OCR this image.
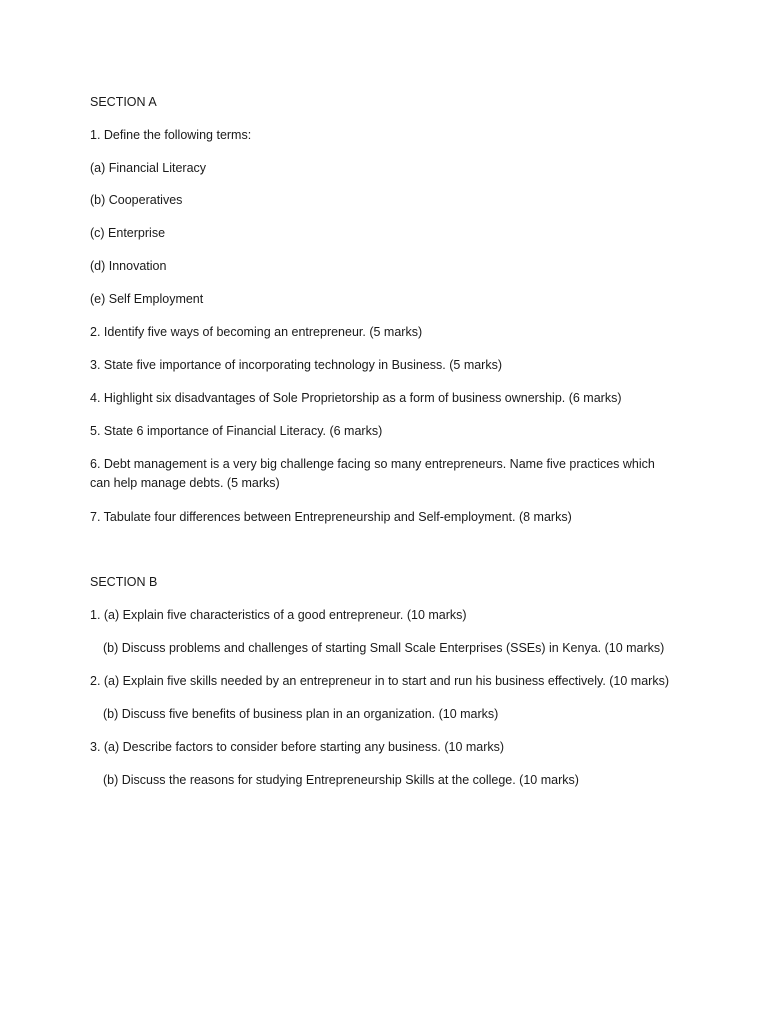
SECTION A
1. Define the following terms:
(a) Financial Literacy
(b) Cooperatives
(c) Enterprise
(d) Innovation
(e) Self Employment
2. Identify five ways of becoming an entrepreneur. (5 marks)
3. State five importance of incorporating technology in Business. (5 marks)
4. Highlight six disadvantages of Sole Proprietorship as a form of business ownership. (6 marks)
5. State 6 importance of Financial Literacy. (6 marks)
6. Debt management is a very big challenge facing so many entrepreneurs. Name five practices which
can help manage debts. (5 marks)
7. Tabulate four differences between Entrepreneurship and Self-employment. (8 marks)
SECTION B
1. (a) Explain five characteristics of a good entrepreneur. (10 marks)
(b) Discuss problems and challenges of starting Small Scale Enterprises (SSEs) in Kenya. (10 marks)
2. (a) Explain five skills needed by an entrepreneur in to start and run his business effectively. (10 marks)
(b) Discuss five benefits of business plan in an organization. (10 marks)
3. (a) Describe factors to consider before starting any business. (10 marks)
(b) Discuss the reasons for studying Entrepreneurship Skills at the college. (10 marks)
